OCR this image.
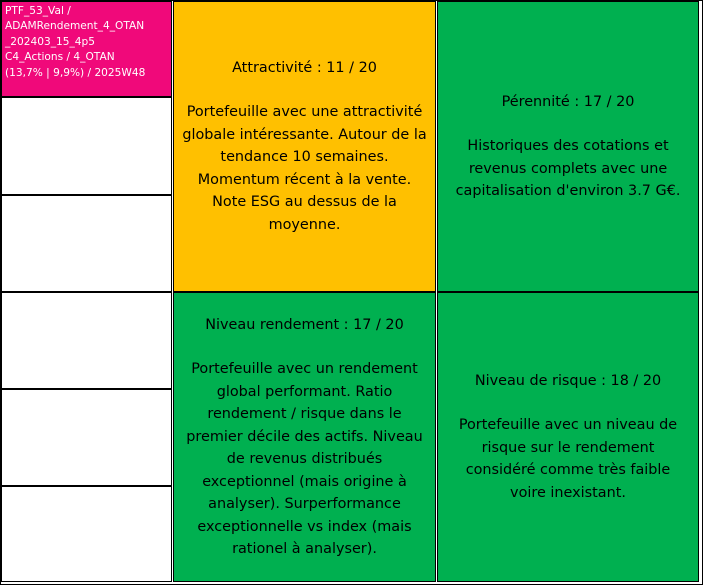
PTF_53_Val /
ADAMRendement_4_OTAN
_202403_15_4p5
C4_Actions / 4_OTAN
(13,7% | 9,9%) / 2025W48	Attractivité : 11 / 20
Portefeuille avec une attractivité globale intéressante. Autour de la tendance 10 semaines. Momentum récent à la vente. Note ESG au dessus de la moyenne.
Pérennité : 17 / 20
Historiques des cotations et revenus complets avec une capitalisation d'environ 3.7 G€.
Niveau rendement : 17 / 20
Portefeuille avec un rendement global performant. Ratio rendement / risque dans le premier décile des actifs. Niveau de revenus distribués exceptionnel (mais origine à analyser). Surperformance exceptionnelle vs index (mais rationel à analyser).
Niveau de risque : 18 / 20
Portefeuille avec un niveau de risque sur le rendement considéré comme très faible voire inexistant.
